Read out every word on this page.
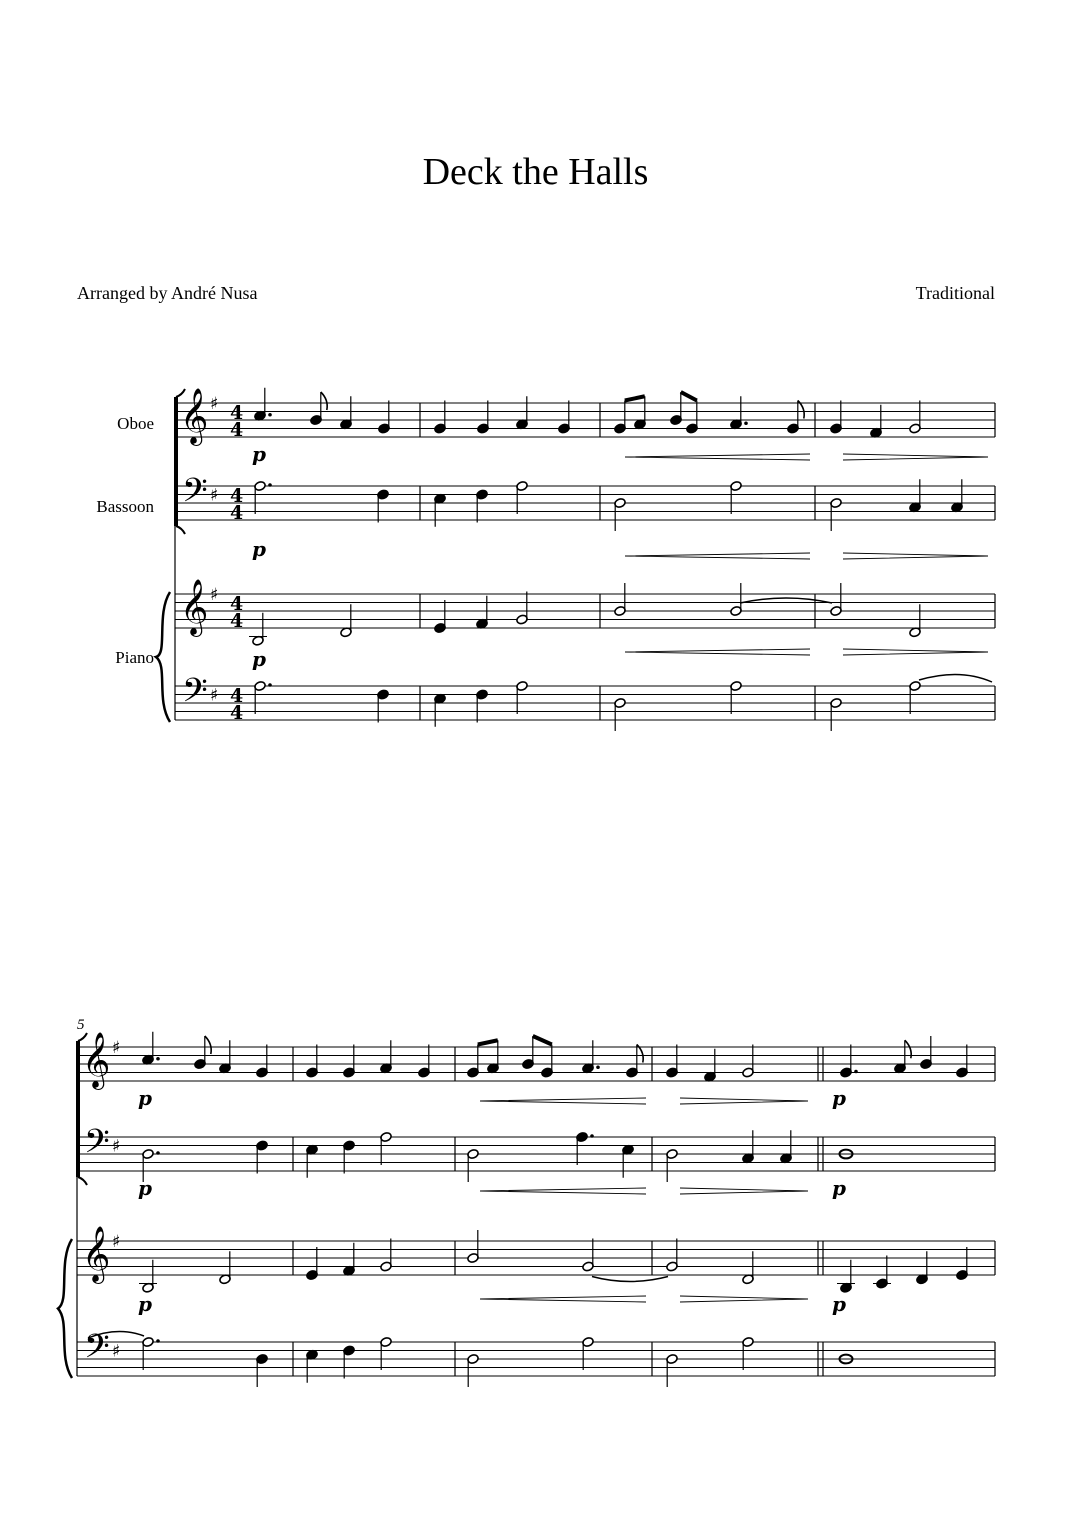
Deck the Halls
Arranged by André Nusa	Traditional
Oboe
Bassoon
Piano
𝄞 ♯ 4
4
𝄞 ♯ 4
4
𝄢 ♯ 4
4
𝄢 ♯ 4
4
p
p
p
5
𝄞 ♯
𝄞 ♯
𝄢 ♯
𝄢 ♯
p	p
p	p
p	p
